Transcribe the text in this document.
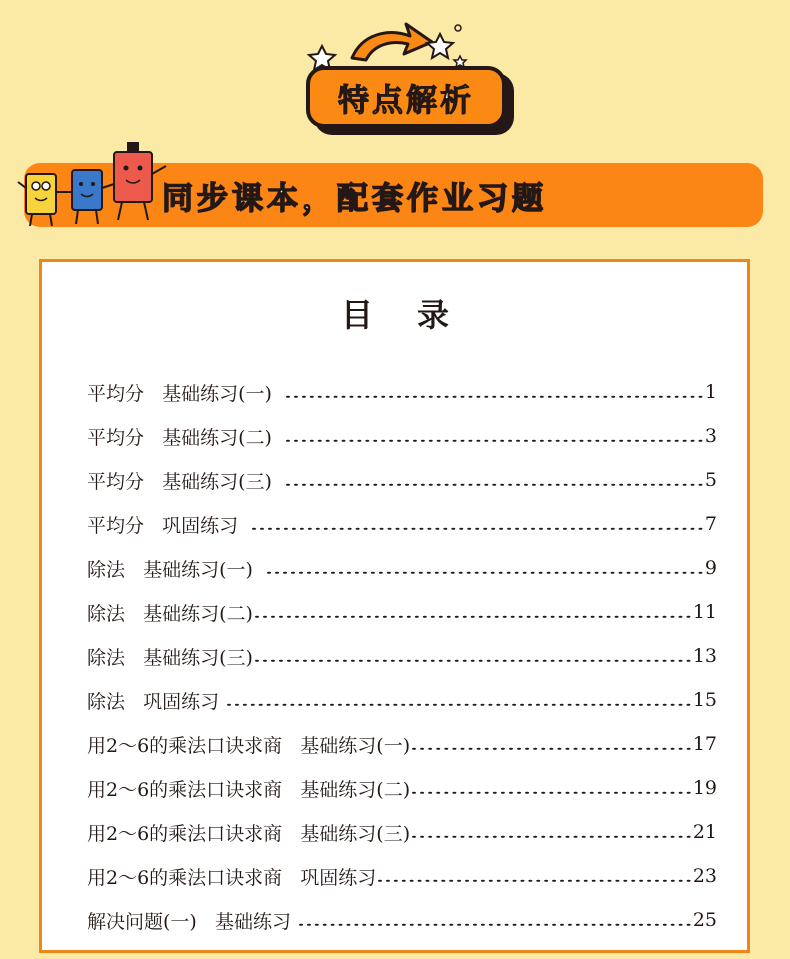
特点解析
同步课本，配套作业习题
目录
平均分   基础练习(一)	1
平均分   基础练习(二)	3
平均分   基础练习(三)	5
平均分   巩固练习	7
除法   基础练习(一)	9
除法   基础练习(二)	11
除法   基础练习(三)	13
除法   巩固练习	15
用2～6的乘法口诀求商   基础练习(一)	17
用2～6的乘法口诀求商   基础练习(二)	19
用2～6的乘法口诀求商   基础练习(三)	21
用2～6的乘法口诀求商   巩固练习	23
解决问题(一)   基础练习	25
